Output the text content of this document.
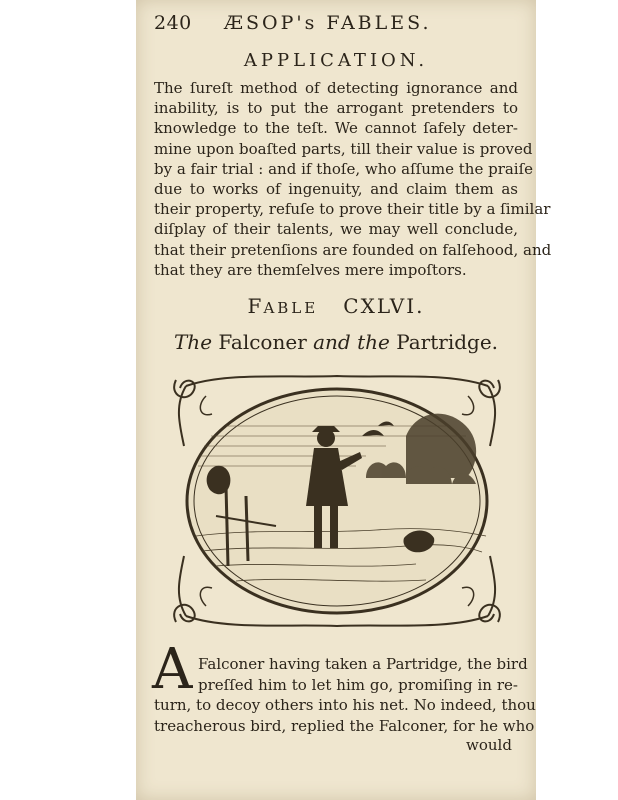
240 ÆSOP's FABLES.
APPLICATION.
The ſureſt method of detecting ignorance and
inability, is to put the arrogant pretenders to
knowledge to the teſt. We cannot ſafely deter-
mine upon boaſted parts, till their value is proved
by a fair trial : and if thoſe, who aſſume the praiſe
due to works of ingenuity, and claim them as
their property, refuſe to prove their title by a ſimilar
diſplay of their talents, we may well conclude,
that their pretenſions are founded on falſehood, and
that they are themſelves mere impoſtors.
FABLE CXLVI.
The Falconer and the Partridge.
A Falconer having taken a Partridge, the bird
preſſed him to let him go, promiſing in re-
turn, to decoy others into his net. No indeed, thou
treacherous bird, replied the Falconer, for he who
would
